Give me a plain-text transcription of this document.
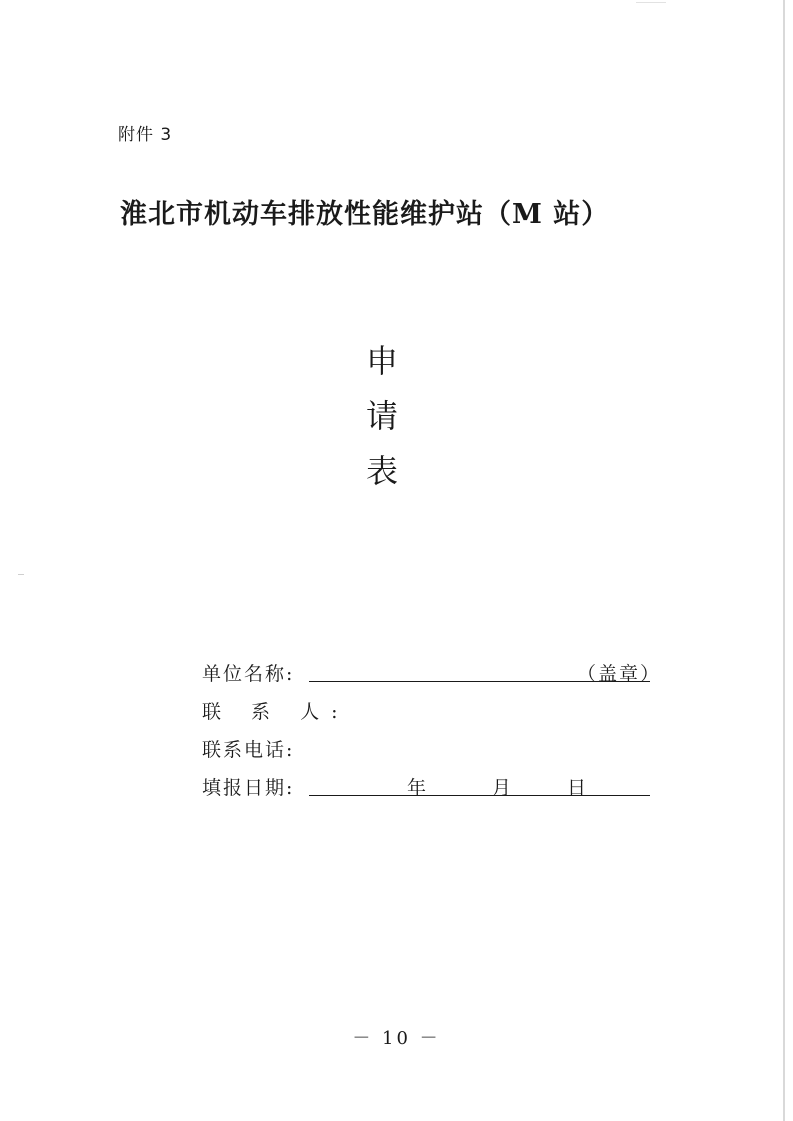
附件 3
淮北市机动车排放性能维护站（M 站）
申
请
表
单位名称:	（盖章）
联 系 人:
联系电话:
填报日期:	年	月	日
－ 10 －
